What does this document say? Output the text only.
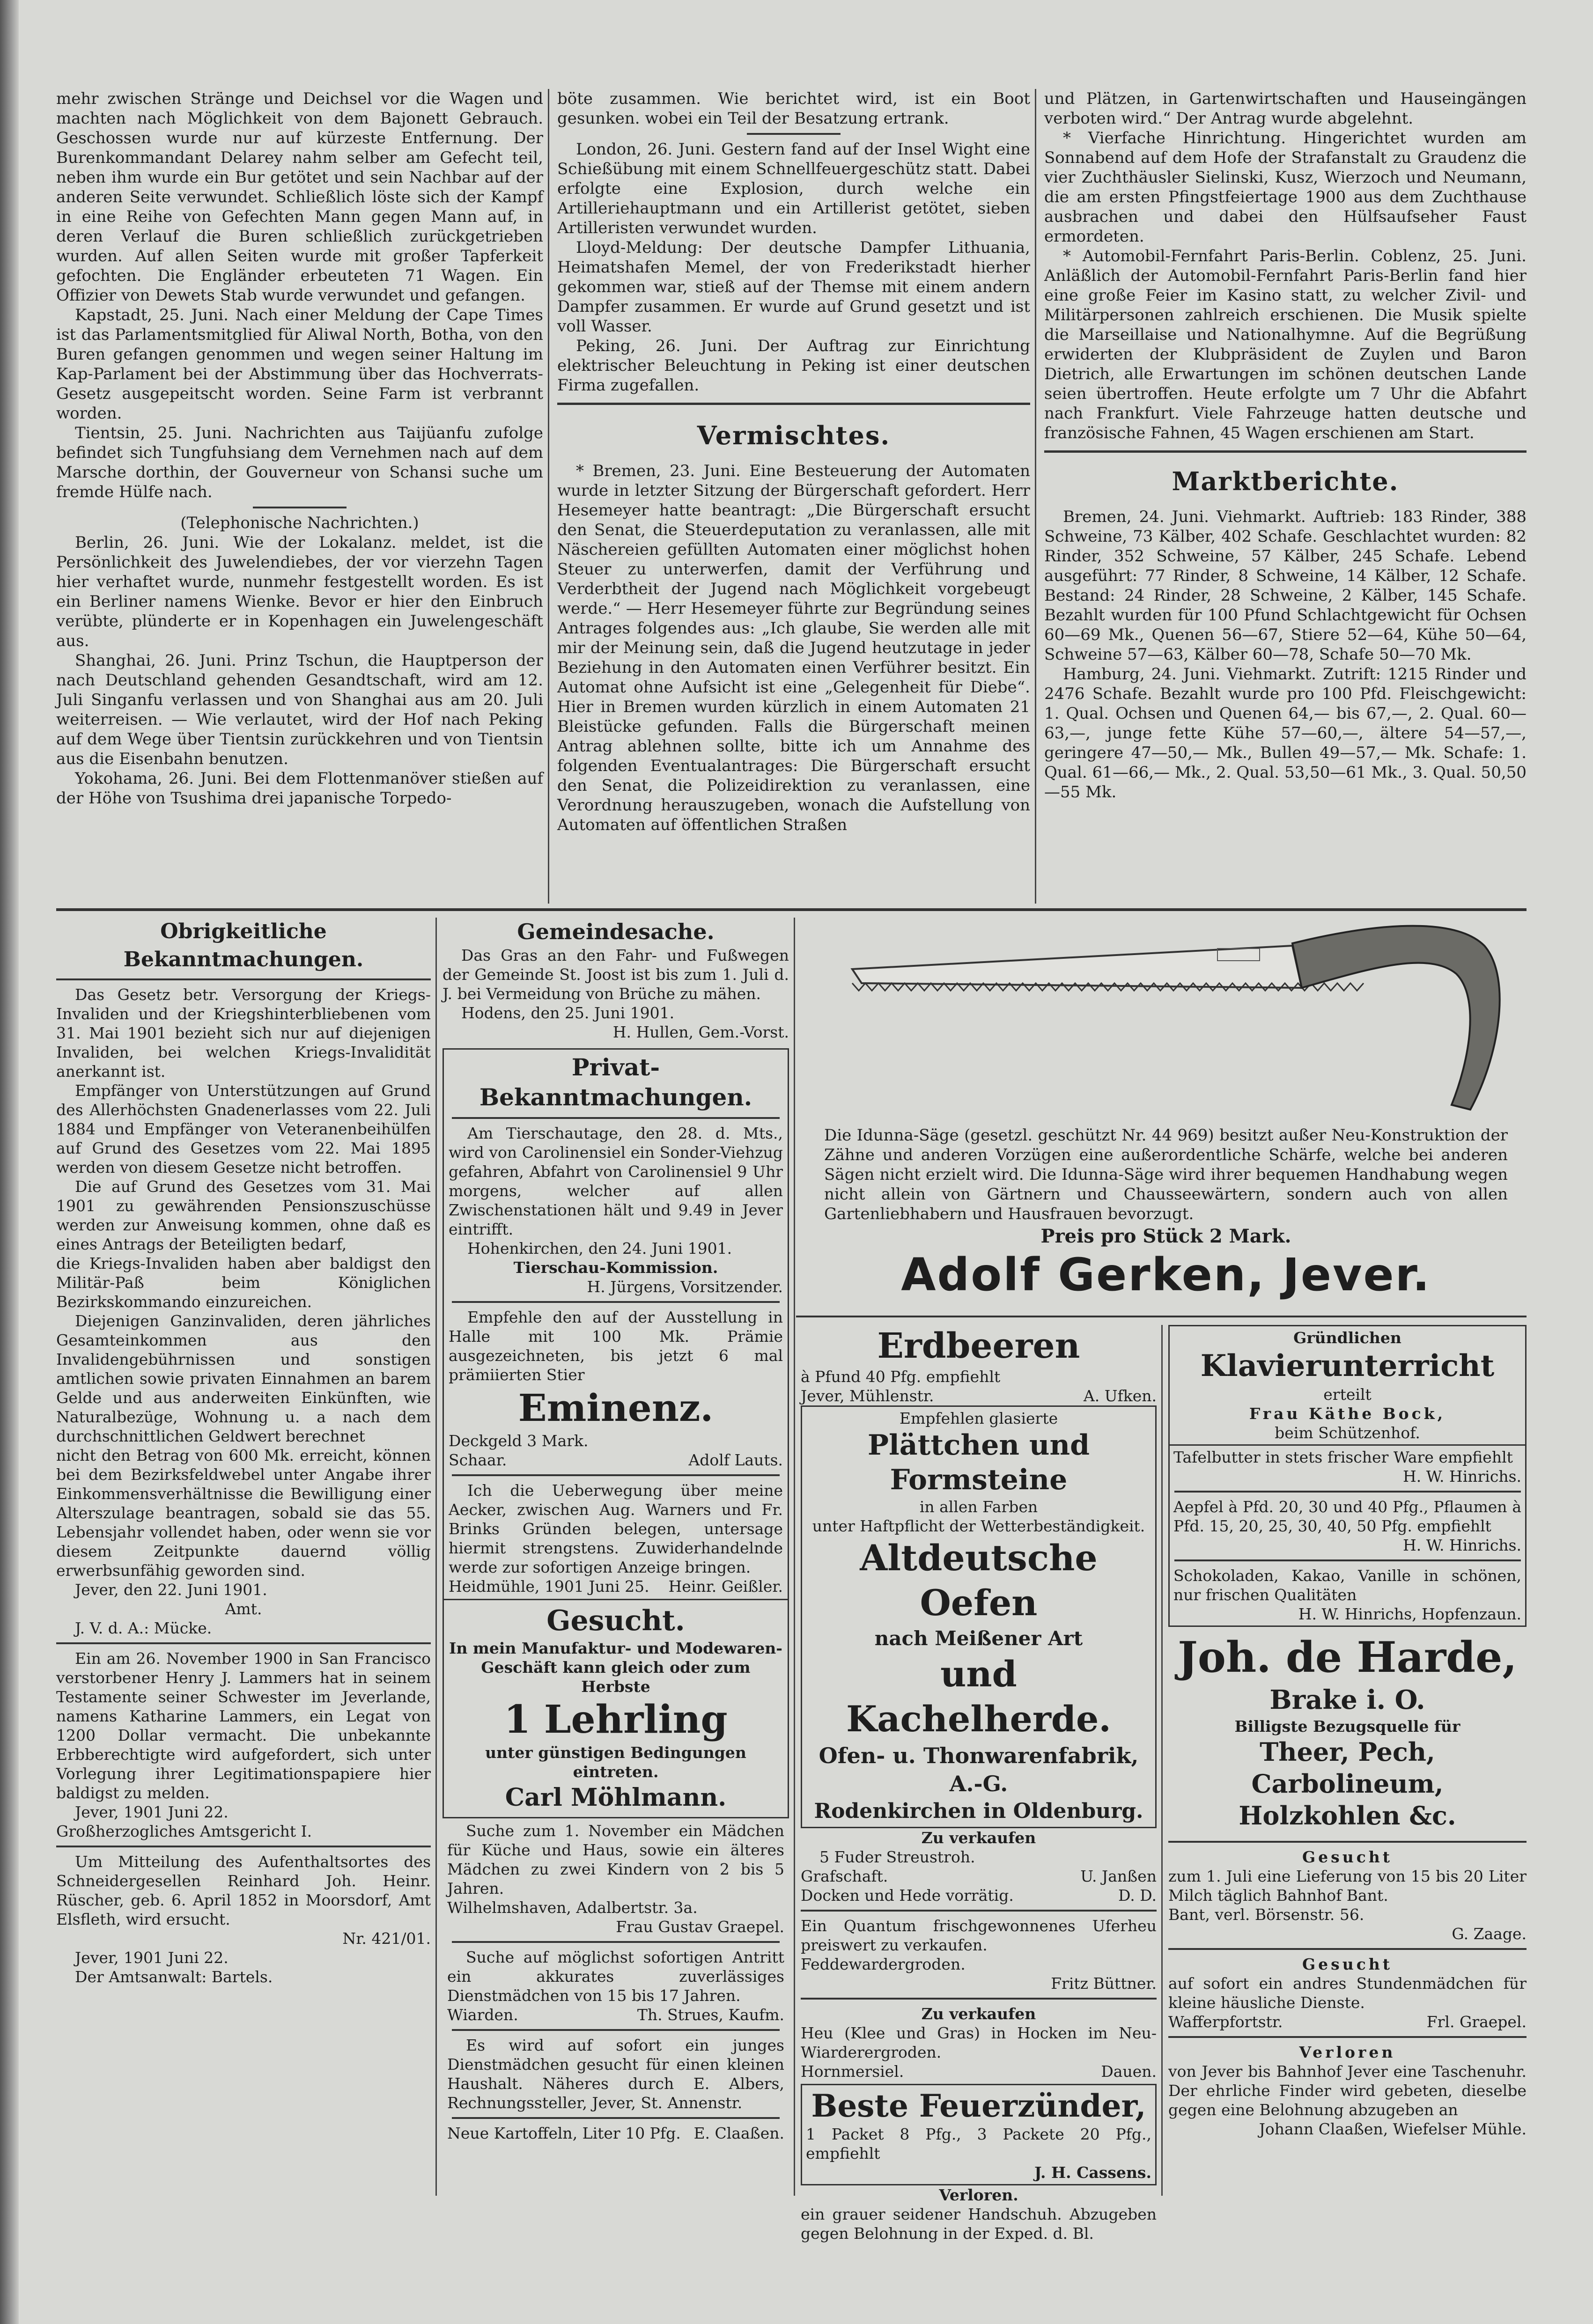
mehr zwischen Stränge und Deichsel vor die Wagen und machten nach Möglichkeit von dem Bajonett Gebrauch. Geschossen wurde nur auf kürzeste Entfernung. Der Burenkommandant Delarey nahm selber am Gefecht teil, neben ihm wurde ein Bur getötet und sein Nachbar auf der anderen Seite verwundet. Schließlich löste sich der Kampf in eine Reihe von Gefechten Mann gegen Mann auf, in deren Verlauf die Buren schließlich zurückgetrieben wurden. Auf allen Seiten wurde mit großer Tapferkeit gefochten. Die Engländer erbeuteten 71 Wagen. Ein Offizier von Dewets Stab wurde verwundet und gefangen.

Kapstadt, 25. Juni. Nach einer Meldung der Cape Times ist das Parlamentsmitglied für Aliwal North, Botha, von den Buren gefangen genommen und wegen seiner Haltung im Kap-Parlament bei der Abstimmung über das Hochverrats-Gesetz ausgepeitscht worden. Seine Farm ist verbrannt worden.

Tientsin, 25. Juni. Nachrichten aus Taijüanfu zufolge befindet sich Tungfuhsiang dem Vernehmen nach auf dem Marsche dorthin, der Gouverneur von Schansi suche um fremde Hülfe nach.

(Telephonische Nachrichten.)

Berlin, 26. Juni. Wie der Lokalanz. meldet, ist die Persönlichkeit des Juwelendiebes, der vor vierzehn Tagen hier verhaftet wurde, nunmehr festgestellt worden. Es ist ein Berliner namens Wienke. Bevor er hier den Einbruch verübte, plünderte er in Kopenhagen ein Juwelengeschäft aus.

Shanghai, 26. Juni. Prinz Tschun, die Hauptperson der nach Deutschland gehenden Gesandtschaft, wird am 12. Juli Singanfu verlassen und von Shanghai aus am 20. Juli weiterreisen. — Wie verlautet, wird der Hof nach Peking auf dem Wege über Tientsin zurückkehren und von Tientsin aus die Eisenbahn benutzen.

Yokohama, 26. Juni. Bei dem Flottenmanöver stießen auf der Höhe von Tsushima drei japanische Torpedo-

böte zusammen. Wie berichtet wird, ist ein Boot gesunken. wobei ein Teil der Besatzung ertrank.

London, 26. Juni. Gestern fand auf der Insel Wight eine Schießübung mit einem Schnellfeuergeschütz statt. Dabei erfolgte eine Explosion, durch welche ein Artilleriehauptmann und ein Artillerist getötet, sieben Artilleristen verwundet wurden.

Lloyd-Meldung: Der deutsche Dampfer Lithuania, Heimatshafen Memel, der von Frederikstadt hierher gekommen war, stieß auf der Themse mit einem andern Dampfer zusammen. Er wurde auf Grund gesetzt und ist voll Wasser.

Peking, 26. Juni. Der Auftrag zur Einrichtung elektrischer Beleuchtung in Peking ist einer deutschen Firma zugefallen.

Vermischtes.

* Bremen, 23. Juni. Eine Besteuerung der Automaten wurde in letzter Sitzung der Bürgerschaft gefordert. Herr Hesemeyer hatte beantragt: „Die Bürgerschaft ersucht den Senat, die Steuerdeputation zu veranlassen, alle mit Näschereien gefüllten Automaten einer möglichst hohen Steuer zu unterwerfen, damit der Verführung und Verderbtheit der Jugend nach Möglichkeit vorgebeugt werde.“ — Herr Hesemeyer führte zur Begründung seines Antrages folgendes aus: „Ich glaube, Sie werden alle mit mir der Meinung sein, daß die Jugend heutzutage in jeder Beziehung in den Automaten einen Verführer besitzt. Ein Automat ohne Aufsicht ist eine „Gelegenheit für Diebe“. Hier in Bremen wurden kürzlich in einem Automaten 21 Bleistücke gefunden. Falls die Bürgerschaft meinen Antrag ablehnen sollte, bitte ich um Annahme des folgenden Eventualantrages: Die Bürgerschaft ersucht den Senat, die Polizeidirektion zu veranlassen, eine Verordnung herauszugeben, wonach die Aufstellung von Automaten auf öffentlichen Straßen

und Plätzen, in Gartenwirtschaften und Hauseingängen verboten wird.“ Der Antrag wurde abgelehnt.

* Vierfache Hinrichtung. Hingerichtet wurden am Sonnabend auf dem Hofe der Strafanstalt zu Graudenz die vier Zuchthäusler Sielinski, Kusz, Wierzoch und Neumann, die am ersten Pfingstfeiertage 1900 aus dem Zuchthause ausbrachen und dabei den Hülfsaufseher Faust ermordeten.

* Automobil-Fernfahrt Paris-Berlin. Coblenz, 25. Juni. Anläßlich der Automobil-Fernfahrt Paris-Berlin fand hier eine große Feier im Kasino statt, zu welcher Zivil- und Militärpersonen zahlreich erschienen. Die Musik spielte die Marseillaise und Nationalhymne. Auf die Begrüßung erwiderten der Klubpräsident de Zuylen und Baron Dietrich, alle Erwartungen im schönen deutschen Lande seien übertroffen. Heute erfolgte um 7 Uhr die Abfahrt nach Frankfurt. Viele Fahrzeuge hatten deutsche und französische Fahnen, 45 Wagen erschienen am Start.

Marktberichte.

Bremen, 24. Juni. Viehmarkt. Auftrieb: 183 Rinder, 388 Schweine, 73 Kälber, 402 Schafe. Geschlachtet wurden: 82 Rinder, 352 Schweine, 57 Kälber, 245 Schafe. Lebend ausgeführt: 77 Rinder, 8 Schweine, 14 Kälber, 12 Schafe. Bestand: 24 Rinder, 28 Schweine, 2 Kälber, 145 Schafe. Bezahlt wurden für 100 Pfund Schlachtgewicht für Ochsen 60—69 Mk., Quenen 56—67, Stiere 52—64, Kühe 50—64, Schweine 57—63, Kälber 60—78, Schafe 50—70 Mk.

Hamburg, 24. Juni. Viehmarkt. Zutrift: 1215 Rinder und 2476 Schafe. Bezahlt wurde pro 100 Pfd. Fleischgewicht: 1. Qual. Ochsen und Quenen 64,— bis 67,—, 2. Qual. 60—63,—, junge fette Kühe 57—60,—, ältere 54—57,—, geringere 47—50,— Mk., Bullen 49—57,— Mk. Schafe: 1. Qual. 61—66,— Mk., 2. Qual. 53,50—61 Mk., 3. Qual. 50,50—55 Mk.

Obrigkeitliche Bekanntmachungen.

Das Gesetz betr. Versorgung der Kriegs-Invaliden und der Kriegshinterbliebenen vom 31. Mai 1901 bezieht sich nur auf diejenigen Invaliden, bei welchen Kriegs-Invalidität anerkannt ist.

Empfänger von Unterstützungen auf Grund des Allerhöchsten Gnadenerlasses vom 22. Juli 1884 und Empfänger von Veteranenbeihülfen auf Grund des Gesetzes vom 22. Mai 1895 werden von diesem Gesetze nicht betroffen.

Die auf Grund des Gesetzes vom 31. Mai 1901 zu gewährenden Pensionszuschüsse werden zur Anweisung kommen, ohne daß es eines Antrags der Beteiligten bedarf,

die Kriegs-Invaliden haben aber baldigst den Militär-Paß beim Königlichen Bezirkskommando einzureichen.

Diejenigen Ganzinvaliden, deren jährliches Gesamteinkommen aus den Invalidengebührnissen und sonstigen amtlichen sowie privaten Einnahmen an barem Gelde und aus anderweiten Einkünften, wie Naturalbezüge, Wohnung u. a nach dem durchschnittlichen Geldwert berechnet

nicht den Betrag von 600 Mk. erreicht, können bei dem Bezirksfeldwebel unter Angabe ihrer Einkommensverhältnisse die Bewilligung einer Alterszulage beantragen, sobald sie das 55. Lebensjahr vollendet haben, oder wenn sie vor diesem Zeitpunkte dauernd völlig erwerbsunfähig geworden sind.

Jever, den 22. Juni 1901.

Amt.

J. V. d. A.: Mücke.

Ein am 26. November 1900 in San Francisco verstorbener Henry J. Lammers hat in seinem Testamente seiner Schwester im Jeverlande, namens Katharine Lammers, ein Legat von 1200 Dollar vermacht. Die unbekannte Erbberechtigte wird aufgefordert, sich unter Vorlegung ihrer Legitimationspapiere hier baldigst zu melden.

Jever, 1901 Juni 22.

Großherzogliches Amtsgericht I.

Um Mitteilung des Aufenthaltsortes des Schneidergesellen Reinhard Joh. Heinr. Rüscher, geb. 6. April 1852 in Moorsdorf, Amt Elsfleth, wird ersucht.

Nr. 421/01.

Jever, 1901 Juni 22.

Der Amtsanwalt: Bartels.

Gemeindesache.

Das Gras an den Fahr- und Fußwegen der Gemeinde St. Joost ist bis zum 1. Juli d. J. bei Vermeidung von Brüche zu mähen.

Hodens, den 25. Juni 1901.

H. Hullen, Gem.-Vorst.

Privat-Bekanntmachungen.

Am Tierschautage, den 28. d. Mts., wird von Carolinensiel ein Sonder-Viehzug gefahren, Abfahrt von Carolinensiel 9 Uhr morgens, welcher auf allen Zwischenstationen hält und 9.49 in Jever eintrifft.

Hohenkirchen, den 24. Juni 1901.

Tierschau-Kommission.

H. Jürgens, Vorsitzender.

Empfehle den auf der Ausstellung in Halle mit 100 Mk. Prämie ausgezeichneten, bis jetzt 6 mal prämiierten Stier

Eminenz.

Deckgeld 3 Mark.

Schaar.	Adolf Lauts.

Ich die Ueberwegung über meine Aecker, zwischen Aug. Warners und Fr. Brinks Gründen belegen, untersage hiermit strengstens. Zuwiderhandelnde werde zur sofortigen Anzeige bringen.

Heidmühle, 1901 Juni 25. Heinr. Geißler.
Gesucht.

In mein Manufaktur- und Modewaren-Geschäft kann gleich oder zum Herbste

1 Lehrling

unter günstigen Bedingungen eintreten.

Carl Möhlmann.

Suche zum 1. November ein Mädchen für Küche und Haus, sowie ein älteres Mädchen zu zwei Kindern von 2 bis 5 Jahren.

Wilhelmshaven, Adalbertstr. 3a.

Frau Gustav Graepel.

Suche auf möglichst sofortigen Antritt ein akkurates zuverlässiges Dienstmädchen von 15 bis 17 Jahren.

Wiarden.	Th. Strues, Kaufm.

Es wird auf sofort ein junges Dienstmädchen gesucht für einen kleinen Haushalt. Näheres durch E. Albers, Rechnungssteller, Jever, St. Annenstr.

Neue Kartoffeln, Liter 10 Pfg. E. Claaßen.
Die Idunna-Säge (gesetzl. geschützt Nr. 44 969) besitzt außer Neu-Konstruktion der Zähne und anderen Vorzügen eine außerordentliche Schärfe, welche bei anderen Sägen nicht erzielt wird. Die Idunna-Säge wird ihrer bequemen Handhabung wegen nicht allein von Gärtnern und Chausseewärtern, sondern auch von allen Gartenliebhabern und Hausfrauen bevorzugt.
Preis pro Stück 2 Mark.
Adolf Gerken, Jever.
Erdbeeren

à Pfund 40 Pfg. empfiehlt

Jever, Mühlenstr.	A. Ufken.

Empfehlen glasierte

Plättchen und Formsteine

in allen Farben

unter Haftpflicht der Wetterbeständigkeit.

Altdeutsche Oefen
nach Meißener Art
und Kachelherde.
Ofen- u. Thonwarenfabrik, A.-G.
Rodenkirchen in Oldenburg.

Zu verkaufen

5 Fuder Streustroh.

Grafschaft.	U. Janßen
Docken und Hede vorrätig.	D. D.

Ein Quantum frischgewonnenes Uferheu preiswert zu verkaufen.

Feddewardergroden.

Fritz Büttner.

Zu verkaufen

Heu (Klee und Gras) in Hocken im Neu-Wiarderergroden.

Hornmersiel.	Dauen.
Beste Feuerzünder,

1 Packet 8 Pfg., 3 Packete 20 Pfg., empfiehlt

J. H. Cassens.

Verloren.

ein grauer seidener Handschuh. Abzugeben gegen Belohnung in der Exped. d. Bl.

Gründlichen

Klavierunterricht

erteilt

Frau Käthe Bock,

beim Schützenhof.

Tafelbutter in stets frischer Ware empfiehlt

H. W. Hinrichs.

Aepfel à Pfd. 20, 30 und 40 Pfg., Pflaumen à Pfd. 15, 20, 25, 30, 40, 50 Pfg. empfiehlt

H. W. Hinrichs.

Schokoladen, Kakao, Vanille in schönen, nur frischen Qualitäten

H. W. Hinrichs, Hopfenzaun.

Joh. de Harde,
Brake i. O.

Billigste Bezugsquelle für

Theer, Pech, Carbolineum,
Holzkohlen &c.

Gesucht

zum 1. Juli eine Lieferung von 15 bis 20 Liter Milch täglich Bahnhof Bant.

Bant, verl. Börsenstr. 56.

G. Zaage.

Gesucht

auf sofort ein andres Stundenmädchen für kleine häusliche Dienste.

Wafferpfortstr.	Frl. Graepel.

Verloren

von Jever bis Bahnhof Jever eine Taschenuhr. Der ehrliche Finder wird gebeten, dieselbe gegen eine Belohnung abzugeben an

Johann Claaßen, Wiefelser Mühle.
